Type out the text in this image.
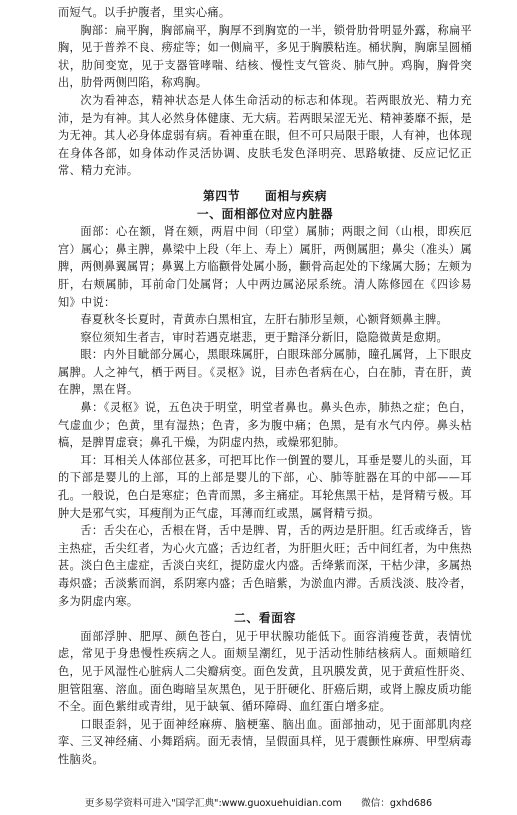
而短气。以手护腹者，里实心痛。

胸部：扁平胸，胸部扁平，胸厚不到胸宽的一半，锁骨肋骨明显外露，称扁平胸，见于普养不良、痨症等；如一侧扁平，多见于胸膜粘连。桶状胸，胸廓呈圆桶状，肋间变宽，见于支器管哮喘、结核、慢性支气管炎、肺气肿。鸡胸，胸骨突出，肋骨两侧凹陷，称鸡胸。

次为看神态，精神状态是人体生命活动的标志和体现。若两眼放光、精力充沛，是为有神。其人必然身体健康、无大病。若两眼呆涩无光、精神萎靡不振，是为无神。其人必身体虚弱有病。看神重在眼，但不可只局限于眼，人有神，也体现在身体各部，如身体动作灵活协调、皮肤毛发色泽明亮、思路敏捷、反应记忆正常、精力充沛。

第四节　　面相与疾病

一、面相部位对应内脏器

面部：心在额，肾在颏，两眉中间（印堂）属肺；两眼之间（山根，即疾厄宫）属心；鼻主脾，鼻梁中上段（年上、寿上）属肝，两侧属胆；鼻尖（准头）属脾，两侧鼻翼属胃；鼻翼上方临颧骨处属小肠，颧骨高起处的下缘属大肠；左颊为肝，右颊属肺，耳前命门处属肾；人中两边属泌尿系统。清人陈修园在《四诊易知》中说：

春夏秋冬长夏时，青黄赤白黑相宜，左肝右肺形呈颊，心额肾颏鼻主脾。

察位须知生者吉，审时若遇克堪悲，更于黯泽分新旧，隐隐微黄是愈期。

眼：内外目眦部分属心，黑眼珠属肝，白眼珠部分属肺，瞳孔属肾，上下眼皮属脾。人之神气，栖于两目。《灵枢》说，目赤色者病在心，白在肺，青在肝，黄在脾，黑在肾。

鼻：《灵枢》说，五色决于明堂，明堂者鼻也。鼻头色赤，肺热之症；色白，气虚血少；色黄，里有湿热；色青，多为腹中痛；色黑，是有水气内停。鼻头枯槁，是脾胃虚衰；鼻孔干燥，为阴虚内热，或燥邪犯肺。

耳：耳相关人体部位甚多，可把耳比作一倒置的婴儿，耳垂是婴儿的头面，耳的下部是婴儿的上部，耳的上部是婴儿的下部，心、肺等脏器在耳的中部——耳孔。一般说，色白是寒症；色青而黑，多主痛症。耳轮焦黑干枯，是肾精亏极。耳肿大是邪气实，耳瘦削为正气虚，耳薄而红或黑，属肾精亏损。

舌：舌尖在心，舌根在肾，舌中是脾、胃，舌的两边是肝胆。红舌或绛舌，皆主热症，舌尖红者，为心火亢盛；舌边红者，为肝胆火旺；舌中间红者，为中焦热甚。淡白色主虚症，舌淡白夹红，提防虚火内盛。舌绛紫而深，干枯少津，多属热毒炽盛；舌淡紫而润，系阴寒内盛；舌色暗紫，为淤血内滞。舌质浅淡、肢冷者，多为阴虚内寒。

二、看面容

面部浮肿、肥厚、颜色苍白，见于甲状腺功能低下。面容消瘦苍黄，表情忧虑，常见于身患慢性疾病之人。面颊呈潮红，见于活动性肺结核病人。面颊暗红色，见于风湿性心脏病人二尖瓣病变。面色发黄，且巩膜发黄，见于黄疸性肝炎、胆管阻塞、溶血。面色晦暗呈灰黑色，见于肝硬化、肝癌后期，或肾上腺皮质功能不全。面色紫绀或青绀，见于缺氧、循环障碍、血红蛋白增多症。

口眼歪斜，见于面神经麻痹、脑梗塞、脑出血。面部抽动，见于面部肌肉痉挛、三叉神经痛、小舞蹈病。面无表情，呈假面具样，见于震颤性麻痹、甲型病毒性脑炎。

更多易学资料可进入"国学汇典":www.guoxuehuidian.com　　微信：gxhd686
